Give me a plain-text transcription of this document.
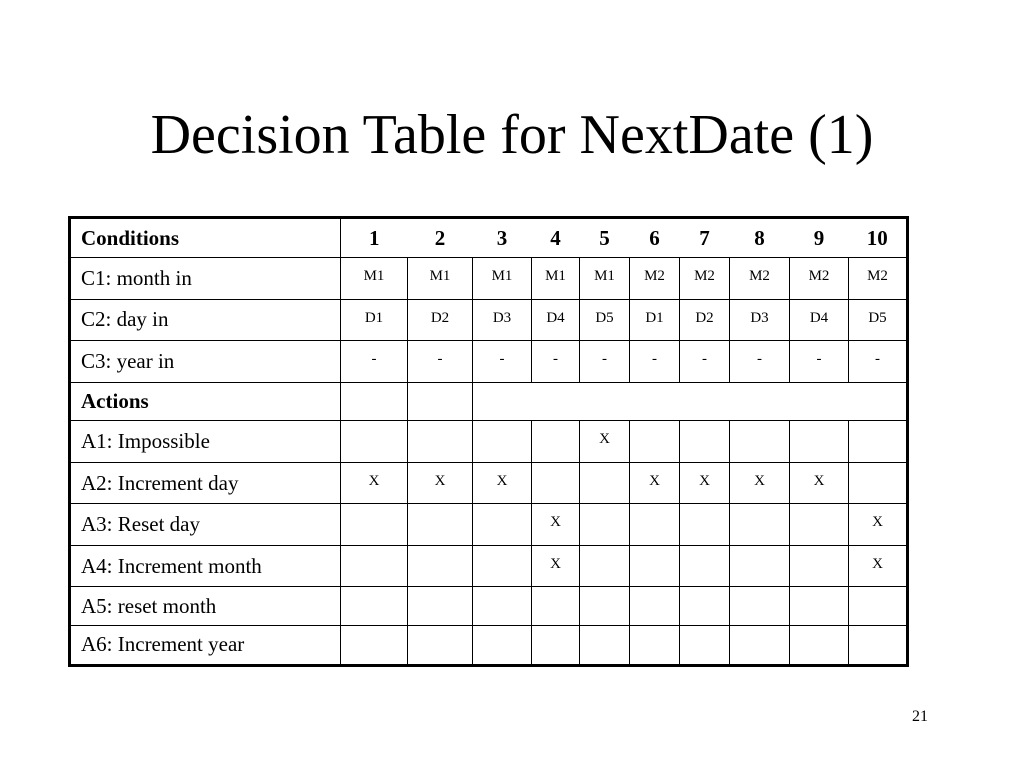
Decision Table for NextDate (1)
Conditions	1	2	3	4	5	6	7	8	9	10
C1: month in	M1	M1	M1	M1	M1	M2	M2	M2	M2	M2
C2: day in	D1	D2	D3	D4	D5	D1	D2	D3	D4	D5
C3: year in	-	-	-	-	-	-	-	-	-	-
Actions										
A1: Impossible					X					
A2: Increment day	X	X	X			X	X	X	X	
A3: Reset day				X						X
A4: Increment month				X						X
A5: reset month										
A6: Increment year										
21
